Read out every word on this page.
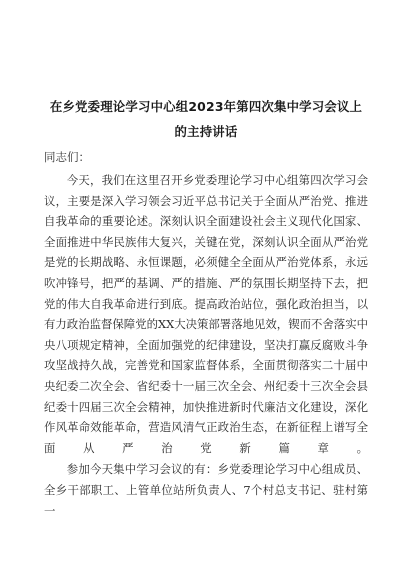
在乡党委理论学习中心组2023年第四次集中学习会议上的主持讲话
同志们：

今天，我们在这里召开乡党委理论学习中心组第四次学习会议，主要是深入学习领会习近平总书记关于全面从严治党、推进自我革命的重要论述。深刻认识全面建设社会主义现代化国家、全面推进中华民族伟大复兴，关键在党，深刻认识全面从严治党是党的长期战略、永恒课题，必须健全全面从严治党体系，永远吹冲锋号，把严的基调、严的措施、严的氛围长期坚持下去，把党的伟大自我革命进行到底。提高政治站位，强化政治担当，以有力政治监督保障党的XX大决策部署落地见效，锲而不舍落实中央八项规定精神，全面加强党的纪律建设，坚决打赢反腐败斗争攻坚战持久战，完善党和国家监督体系，全面贯彻落实二十届中央纪委二次全会、省纪委十一届三次全会、州纪委十三次全会县纪委十四届三次全会精神，加快推进新时代廉洁文化建设，深化作风革命效能革命，营造风清气正政治生态，在新征程上谱写全面从严治党新篇章。

参加今天集中学习会议的有：乡党委理论学习中心组成员、全乡干部职工、上管单位站所负责人、7个村总支书记、驻村第一
